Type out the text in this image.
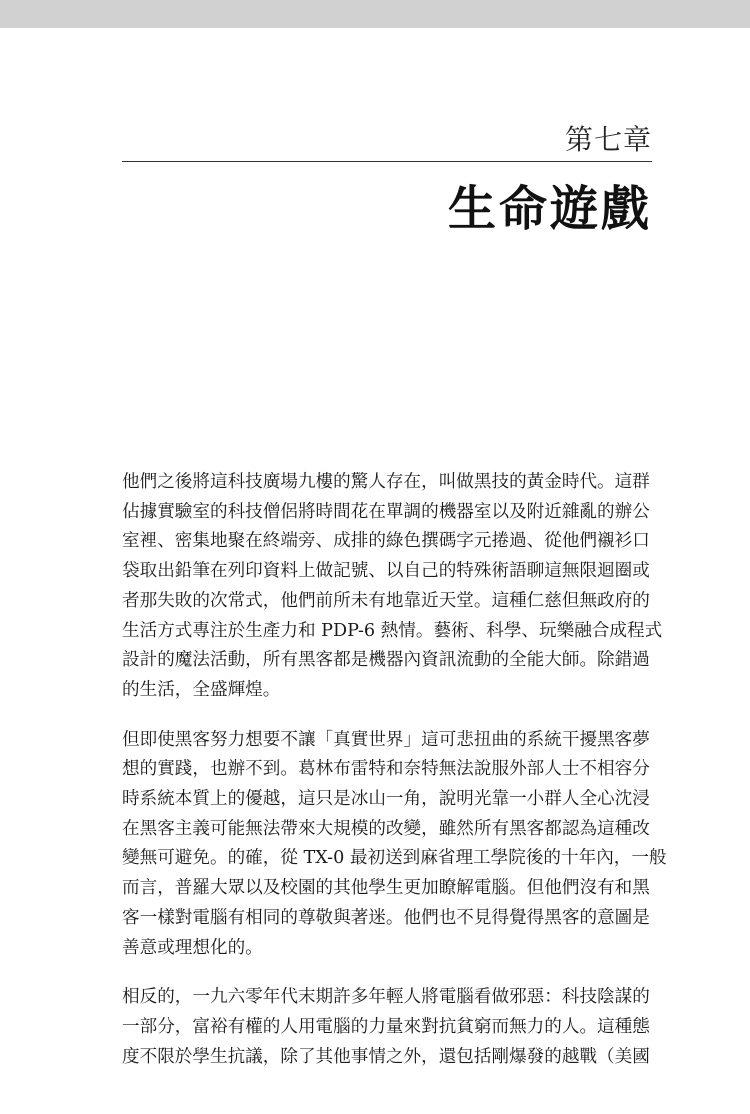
第七章
生命遊戲

他們之後將這科技廣場九樓的驚人存在，叫做黑技的黃金時代。這群
佔據實驗室的科技僧侶將時間花在單調的機器室以及附近雜亂的辦公
室裡、密集地聚在終端旁、成排的綠色撰碼字元捲過、從他們襯衫口
袋取出鉛筆在列印資料上做記號、以自己的特殊術語聊這無限迴圈或
者那失敗的次常式，他們前所未有地靠近天堂。這種仁慈但無政府的
生活方式專注於生產力和 PDP-6 熱情。藝術、科學、玩樂融合成程式
設計的魔法活動，所有黑客都是機器內資訊流動的全能大師。除錯過
的生活，全盛輝煌。

但即使黑客努力想要不讓「真實世界」這可悲扭曲的系統干擾黑客夢
想的實踐，也辦不到。葛林布雷特和奈特無法說服外部人士不相容分
時系統本質上的優越，這只是冰山一角，說明光靠一小群人全心沈浸
在黑客主義可能無法帶來大規模的改變，雖然所有黑客都認為這種改
變無可避免。的確，從 TX-0 最初送到麻省理工學院後的十年內，一般
而言，普羅大眾以及校園的其他學生更加瞭解電腦。但他們沒有和黑
客一樣對電腦有相同的尊敬與著迷。他們也不見得覺得黑客的意圖是
善意或理想化的。

相反的，一九六零年代末期許多年輕人將電腦看做邪惡：科技陰謀的
一部分，富裕有權的人用電腦的力量來對抗貧窮而無力的人。這種態
度不限於學生抗議，除了其他事情之外，還包括剛爆發的越戰（美國
